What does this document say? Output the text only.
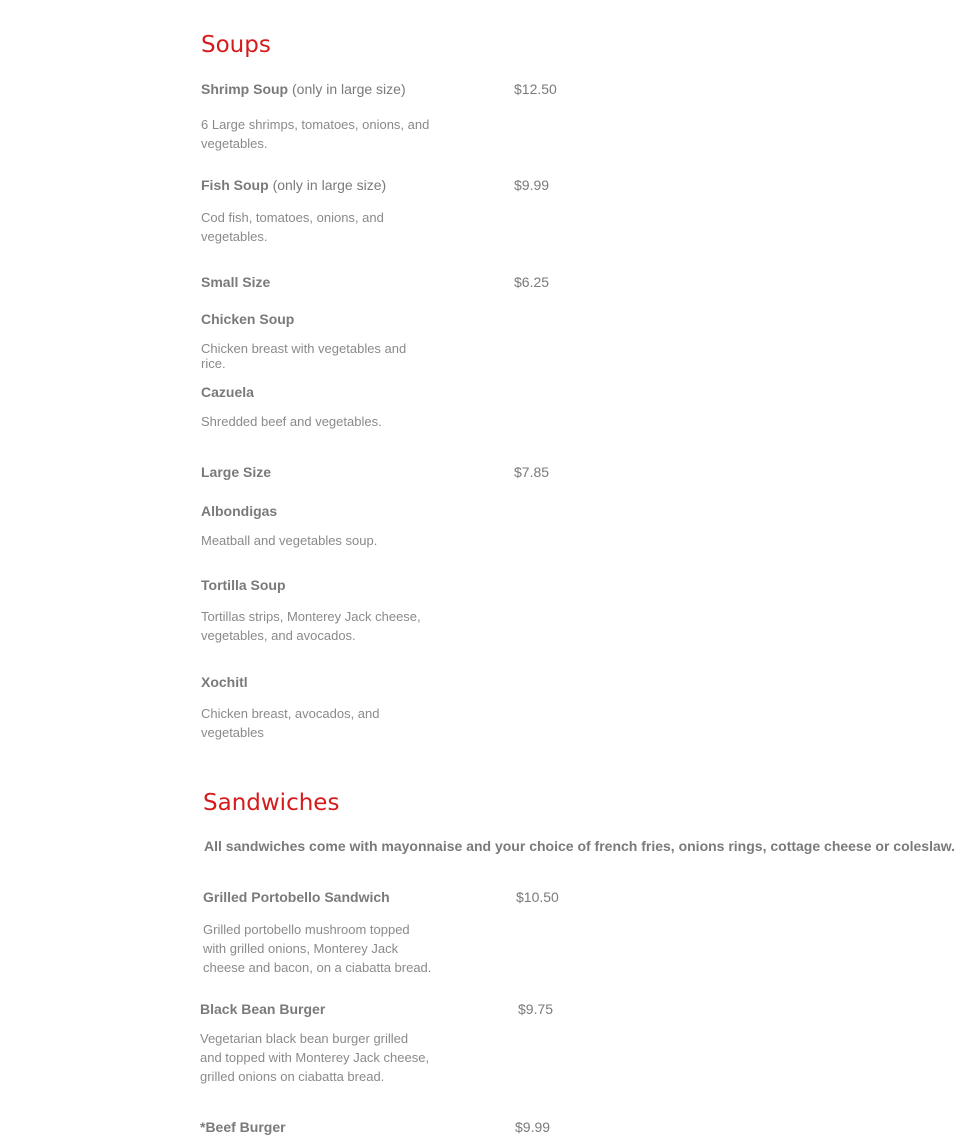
Soups
Shrimp Soup (only in large size)	$12.50
6 Large shrimps, tomatoes, onions, and vegetables.
Fish Soup (only in large size)	$9.99
Cod fish, tomatoes, onions, and vegetables.
Small Size	$6.25
Chicken Soup
Chicken breast with vegetables and rice.
Cazuela
Shredded beef and vegetables.
Large Size	$7.85
Albondigas
Meatball and vegetables soup.
Tortilla Soup
Tortillas strips, Monterey Jack cheese, vegetables, and avocados.
Xochitl
Chicken breast, avocados, and vegetables
Sandwiches
All sandwiches come with mayonnaise and your choice of french fries, onions rings, cottage cheese or coleslaw.
Grilled Portobello Sandwich	$10.50
Grilled portobello mushroom topped with grilled onions, Monterey Jack cheese and bacon, on a ciabatta bread.
Black Bean Burger	$9.75
Vegetarian black bean burger grilled and topped with Monterey Jack cheese, grilled onions on ciabatta bread.
*Beef Burger	$9.99
